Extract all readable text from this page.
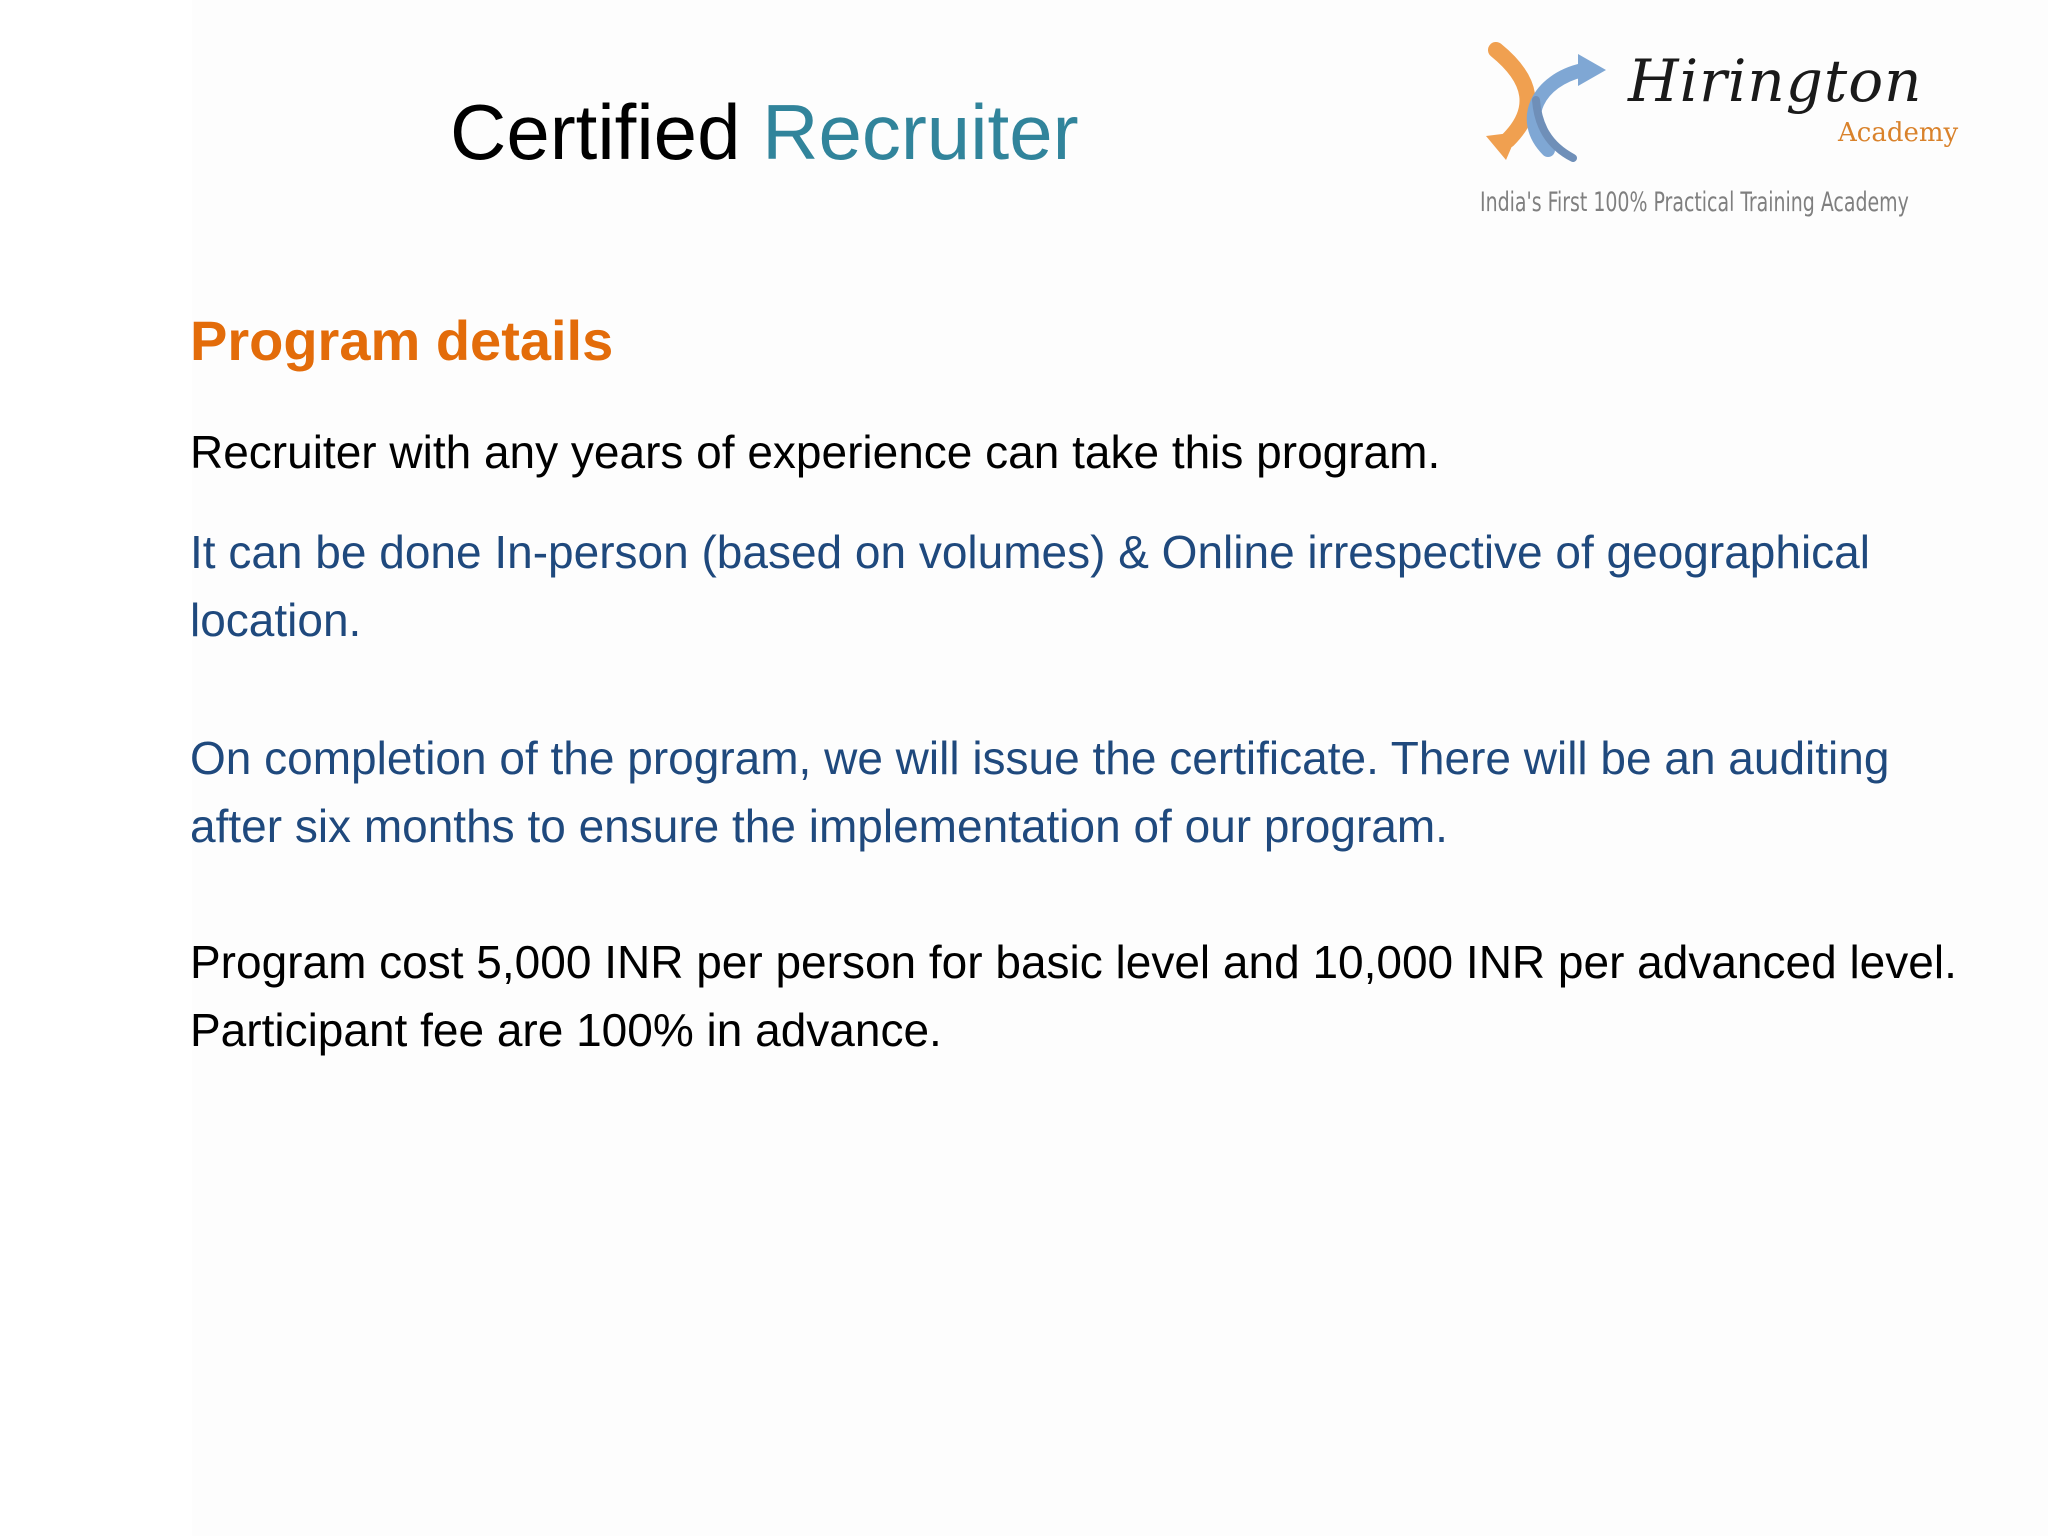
Certified Recruiter
Hirington
Academy
India's First 100% Practical Training Academy
Program details

Recruiter with any years of experience can take this program.

It can be done In-person (based on volumes) & Online irrespective of geographical location.

On completion of the program, we will issue the certificate. There will be an auditing after six months to ensure the implementation of our program.

Program cost 5,000 INR per person for basic level and 10,000 INR per advanced level. Participant fee are 100% in advance.
